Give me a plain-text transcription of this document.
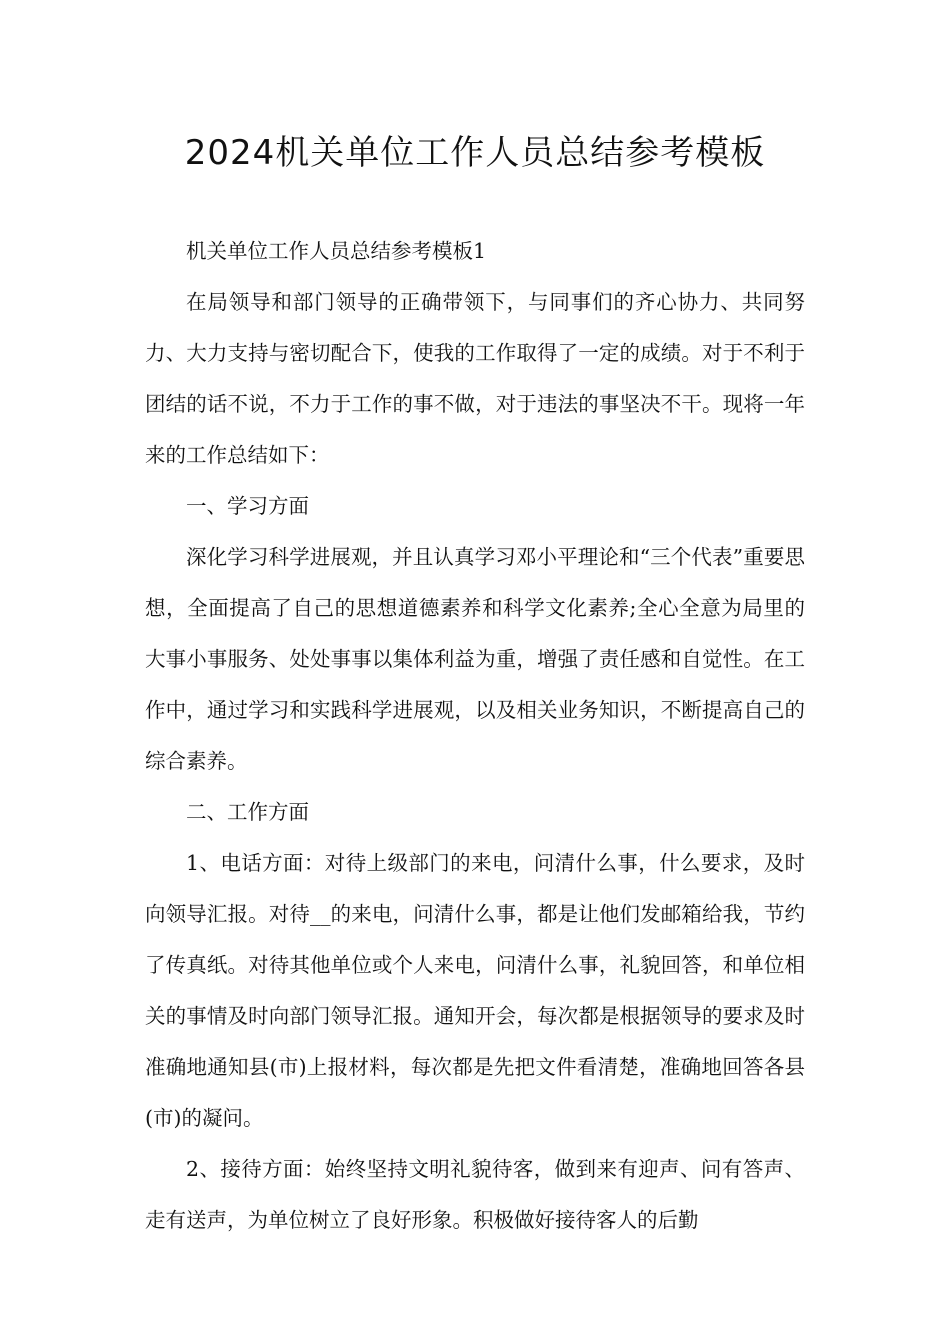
2024机关单位工作人员总结参考模板

机关单位工作人员总结参考模板1

在局领导和部门领导的正确带领下，与同事们的齐心协力、共同努力、大力支持与密切配合下，使我的工作取得了一定的成绩。对于不利于团结的话不说，不力于工作的事不做，对于违法的事坚决不干。现将一年来的工作总结如下：

一、学习方面

深化学习科学进展观，并且认真学习邓小平理论和“三个代表”重要思想，全面提高了自己的思想道德素养和科学文化素养;全心全意为局里的大事小事服务、处处事事以集体利益为重，增强了责任感和自觉性。在工作中，通过学习和实践科学进展观，以及相关业务知识，不断提高自己的综合素养。

二、工作方面

1、电话方面：对待上级部门的来电，问清什么事，什么要求，及时向领导汇报。对待__的来电，问清什么事，都是让他们发邮箱给我，节约了传真纸。对待其他单位或个人来电，问清什么事，礼貌回答，和单位相关的事情及时向部门领导汇报。通知开会，每次都是根据领导的要求及时准确地通知县(市)上报材料，每次都是先把文件看清楚，准确地回答各县(市)的凝问。

2、接待方面：始终坚持文明礼貌待客，做到来有迎声、问有答声、走有送声，为单位树立了良好形象。积极做好接待客人的后勤
